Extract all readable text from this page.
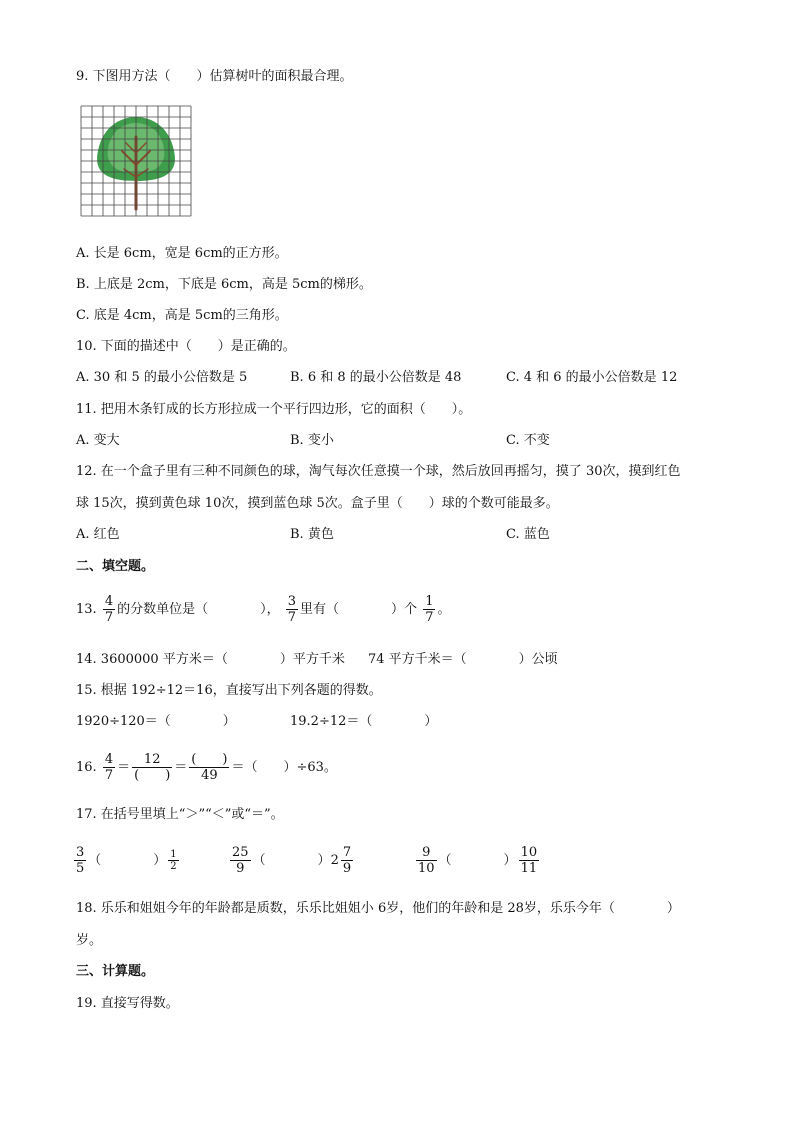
9. 下图用方法（　　）估算树叶的面积最合理。
A. 长是 6cm，宽是 6cm的正方形。
B. 上底是 2cm，下底是 6cm，高是 5cm的梯形。
C. 底是 4cm，高是 5cm的三角形。
10. 下面的描述中（　　）是正确的。
A. 30 和 5 的最小公倍数是 5	B. 6 和 8 的最小公倍数是 48	C. 4 和 6 的最小公倍数是 12
11. 把用木条钉成的长方形拉成一个平行四边形，它的面积（　　）。
A. 变大	B. 变小	C. 不变
12. 在一个盒子里有三种不同颜色的球，淘气每次任意摸一个球，然后放回再摇匀，摸了 30次，摸到红色
球 15次，摸到黄色球 10次，摸到蓝色球 5次。盒子里（　　）球的个数可能最多。
A. 红色	B. 黄色	C. 蓝色
二、填空题。
13. $\frac{4}{7}$ 的分数单位是（　　　　）， $\frac{3}{7}$ 里有（　　　　）个 $\frac{1}{7}$ 。
14. 3600000 平方米＝（　　　　）平方千米 74 平方千米＝（　　　　）公顷
15. 根据 192÷12＝16，直接写出下列各题的得数。
1920÷120＝（　　　　）	19.2÷12＝（　　　　）
16. $\frac{4}{7} = \frac{12}{( )} = \frac{( )}{49}$ ＝（　　）÷63。
17. 在括号里填上“＞”“＜”或“＝”。
$\frac{3}{5}$ （　　　　） $\frac{1}{2}$	$\frac{25}{9}$ （　　　　）$2 \frac{7}{9}$	$\frac{9}{10}$ （　　　　） $\frac{10}{11}$
18. 乐乐和姐姐今年的年龄都是质数，乐乐比姐姐小 6岁，他们的年龄和是 28岁，乐乐今年（　　　　）
岁。
三、计算题。
19. 直接写得数。
